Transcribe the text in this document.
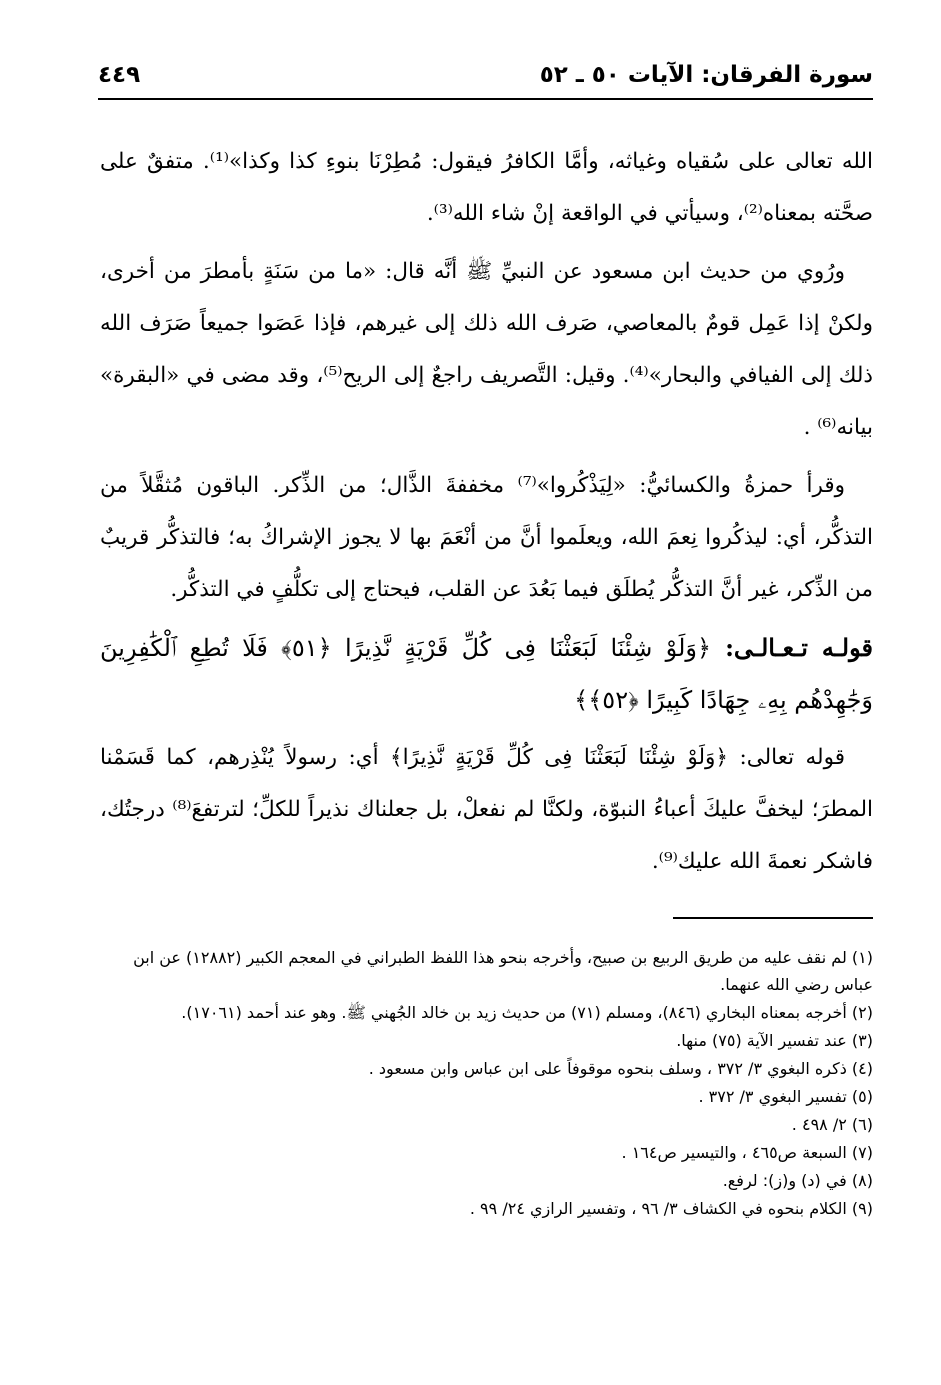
سورة الفرقان: الآيات ٥٠ ـ ٥٢
٤٤٩

الله تعالى على سُقياه وغياثه، وأمَّا الكافرُ فيقول: مُطِرْنَا بنوءِ كذا وكذا»⁽¹⁾. متفقٌ على صحَّته بمعناه⁽²⁾، وسيأتي في الواقعة إنْ شاء الله⁽³⁾.

ورُوي من حديث ابن مسعود عن النبيِّ ﷺ أنَّه قال: «ما من سَنَةٍ بأمطرَ من أخرى، ولكنْ إذا عَمِل قومٌ بالمعاصي، صَرف الله ذلك إلى غيرهم، فإذا عَصَوا جميعاً صَرَف الله ذلك إلى الفيافي والبحار»⁽⁴⁾. وقيل: التَّصريف راجعٌ إلى الريح⁽⁵⁾، وقد مضى في «البقرة» بيانه⁽⁶⁾ .

وقرأ حمزةُ والكسائيُّ: «لِيَذْكُروا»⁽⁷⁾ مخففةَ الذَّال؛ من الذِّكر. الباقون مُثقَّلاً من التذكُّر، أي: ليذكُروا نِعمَ الله، ويعلَموا أنَّ من أنْعَمَ بها لا يجوز الإشراكُ به؛ فالتذكُّر قريبٌ من الذِّكر، غير أنَّ التذكُّر يُطلَق فيما بَعُدَ عن القلب، فيحتاج إلى تكلُّفٍ في التذكُّر.

قولـه تـعـالـى: ﴿وَلَوْ شِئْنَا لَبَعَثْنَا فِى كُلِّ قَرْيَةٍ نَّذِيرًا ﴿٥١﴾ فَلَا تُطِعِ ٱلْكَٰفِرِينَ وَجَٰهِدْهُم بِهِۦ جِهَادًا كَبِيرًا ﴿٥٢﴾﴾

قوله تعالى: ﴿وَلَوْ شِئْنَا لَبَعَثْنَا فِى كُلِّ قَرْيَةٍ نَّذِيرًا﴾ أي: رسولاً يُنْذِرهم، كما قَسَمْنا المطرَ؛ ليخفَّ عليكَ أعباءُ النبوّة، ولكنَّا لم نفعلْ، بل جعلناك نذيراً للكلِّ؛ لترتفعَ⁽⁸⁾ درجتُك، فاشكر نعمةَ الله عليك⁽⁹⁾.

(١) لم نقف عليه من طريق الربيع بن صبيح، وأخرجه بنحو هذا اللفظ الطبراني في المعجم الكبير (١٢٨٨٢) عن ابن عباس رضي الله عنهما.

(٢) أخرجه بمعناه البخاري (٨٤٦)، ومسلم (٧١) من حديث زيد بن خالد الجُهني ﷺ. وهو عند أحمد (١٧٠٦١).

(٣) عند تفسير الآية (٧٥) منها.

(٤) ذكره البغوي ٣/ ٣٧٢ ، وسلف بنحوه موقوفاً على ابن عباس وابن مسعود .

(٥) تفسير البغوي ٣/ ٣٧٢ .

(٦) ٢/ ٤٩٨ .

(٧) السبعة ص٤٦٥ ، والتيسير ص١٦٤ .

(٨) في (د) و(ز): لرفع.

(٩) الكلام بنحوه في الكشاف ٣/ ٩٦ ، وتفسير الرازي ٢٤/ ٩٩ .
